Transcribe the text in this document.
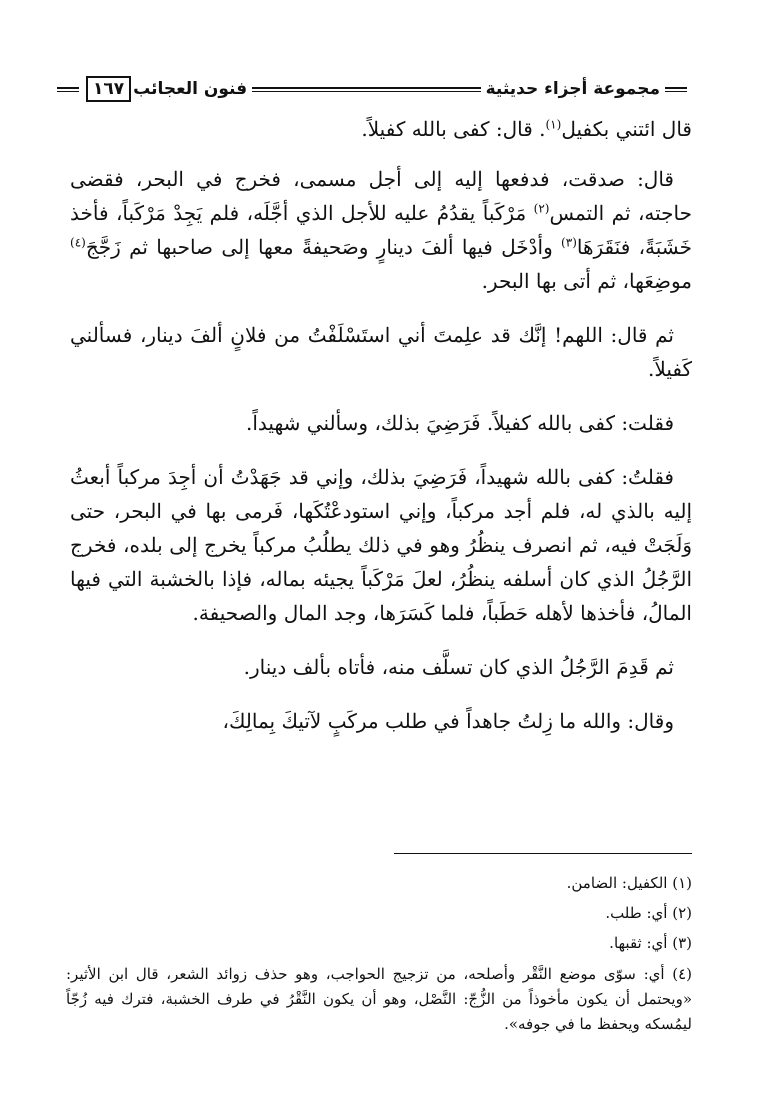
مجموعة أجزاء حديثية
فنون العجائب
١٦٧

قال ائتني بكفيل$^{(١)}$. قال: كفى بالله كفيلاً.

قال: صدقت، فدفعها إليه إلى أجل مسمى، فخرج في البحر، فقضى حاجته، ثم التمس$^{(٢)}$ مَرْكَباً يقدُمُ عليه للأجل الذي أجَّلَه، فلم يَجِدْ مَرْكَباً، فأخذ خَشَبَةً، فنَقَرَهَا$^{(٣)}$ وأدْخَل فيها ألفَ دينارٍ وصَحيفةً معها إلى صاحبها ثم زَجَّجَ$^{(٤)}$ موضِعَها، ثم أتى بها البحر.

ثم قال: اللهم! إنَّك قد علِمتَ أني استَسْلَفْتُ من فلانٍ ألفَ دينار، فسألني كَفيلاً.

فقلت: كفى بالله كفيلاً. فَرَضِيَ بذلك، وسألني شهيداً.

فقلتُ: كفى بالله شهيداً، فَرَضِيَ بذلك، وإني قد جَهَدْتُ أن أجِدَ مركباً أبعثُ إليه بالذي له، فلم أجد مركباً، وإني استودعْتُكَها، فَرمى بها في البحر، حتى وَلَجَتْ فيه، ثم انصرف ينظُرُ وهو في ذلك يطلُبُ مركباً يخرج إلى بلده، فخرج الرَّجُلُ الذي كان أسلفه ينظُرُ، لعلَ مَرْكَباً يجيئه بماله، فإذا بالخشبة التي فيها المالُ، فأخذها لأهله حَطَباً، فلما كَسَرَها، وجد المال والصحيفة.

ثم قَدِمَ الرَّجُلُ الذي كان تسلَّف منه، فأتاه بألف دينار.

وقال: والله ما زِلتُ جاهداً في طلب مركَبٍ لآتيكَ بِمالِكَ،

(١) الكفيل: الضامن.

(٢) أي: طلب.

(٣) أي: ثقبها.

(٤) أي: سوّى موضع النَّقْر وأصلحه، من تزجيج الحواجب، وهو حذف زوائد الشعر، قال ابن الأثير: «ويحتمل أن يكون مأخوذاً من الزُّجّ: النَّصْل، وهو أن يكون النَّقْرُ في طرف الخشبة، فترك فيه زُجّاً ليمُسكه ويحفظ ما في جوفه».
